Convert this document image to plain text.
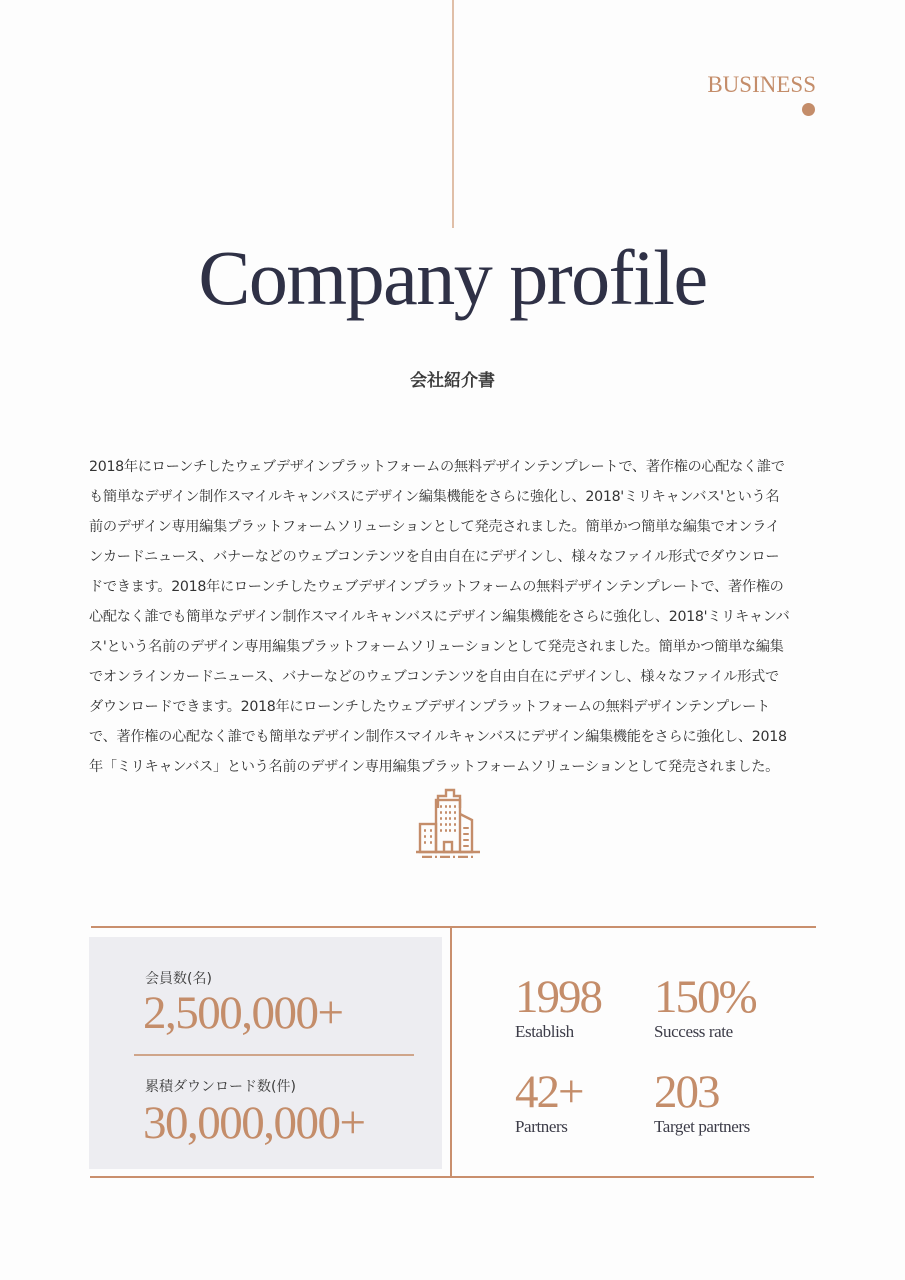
BUSINESS
Company profile
会社紹介書

2018年にローンチしたウェブデザインプラットフォームの無料デザインテンプレートで、著作権の心配なく誰で

も簡単なデザイン制作スマイルキャンバスにデザイン編集機能をさらに強化し、2018'ミリキャンバス'という名

前のデザイン専用編集プラットフォームソリューションとして発売されました。簡単かつ簡単な編集でオンライ

ンカードニュース、バナーなどのウェブコンテンツを自由自在にデザインし、様々なファイル形式でダウンロー

ドできます。2018年にローンチしたウェブデザインプラットフォームの無料デザインテンプレートで、著作権の

心配なく誰でも簡単なデザイン制作スマイルキャンバスにデザイン編集機能をさらに強化し、2018'ミリキャンバ

ス'という名前のデザイン専用編集プラットフォームソリューションとして発売されました。簡単かつ簡単な編集

でオンラインカードニュース、バナーなどのウェブコンテンツを自由自在にデザインし、様々なファイル形式で

ダウンロードできます。2018年にローンチしたウェブデザインプラットフォームの無料デザインテンプレート

で、著作権の心配なく誰でも簡単なデザイン制作スマイルキャンバスにデザイン編集機能をさらに強化し、2018

年「ミリキャンバス」という名前のデザイン専用編集プラットフォームソリューションとして発売されました。

会員数(名)
2,500,000+
累積ダウンロード数(件)
30,000,000+
1998
Establish
150%
Success rate
42+
Partners
203
Target partners
